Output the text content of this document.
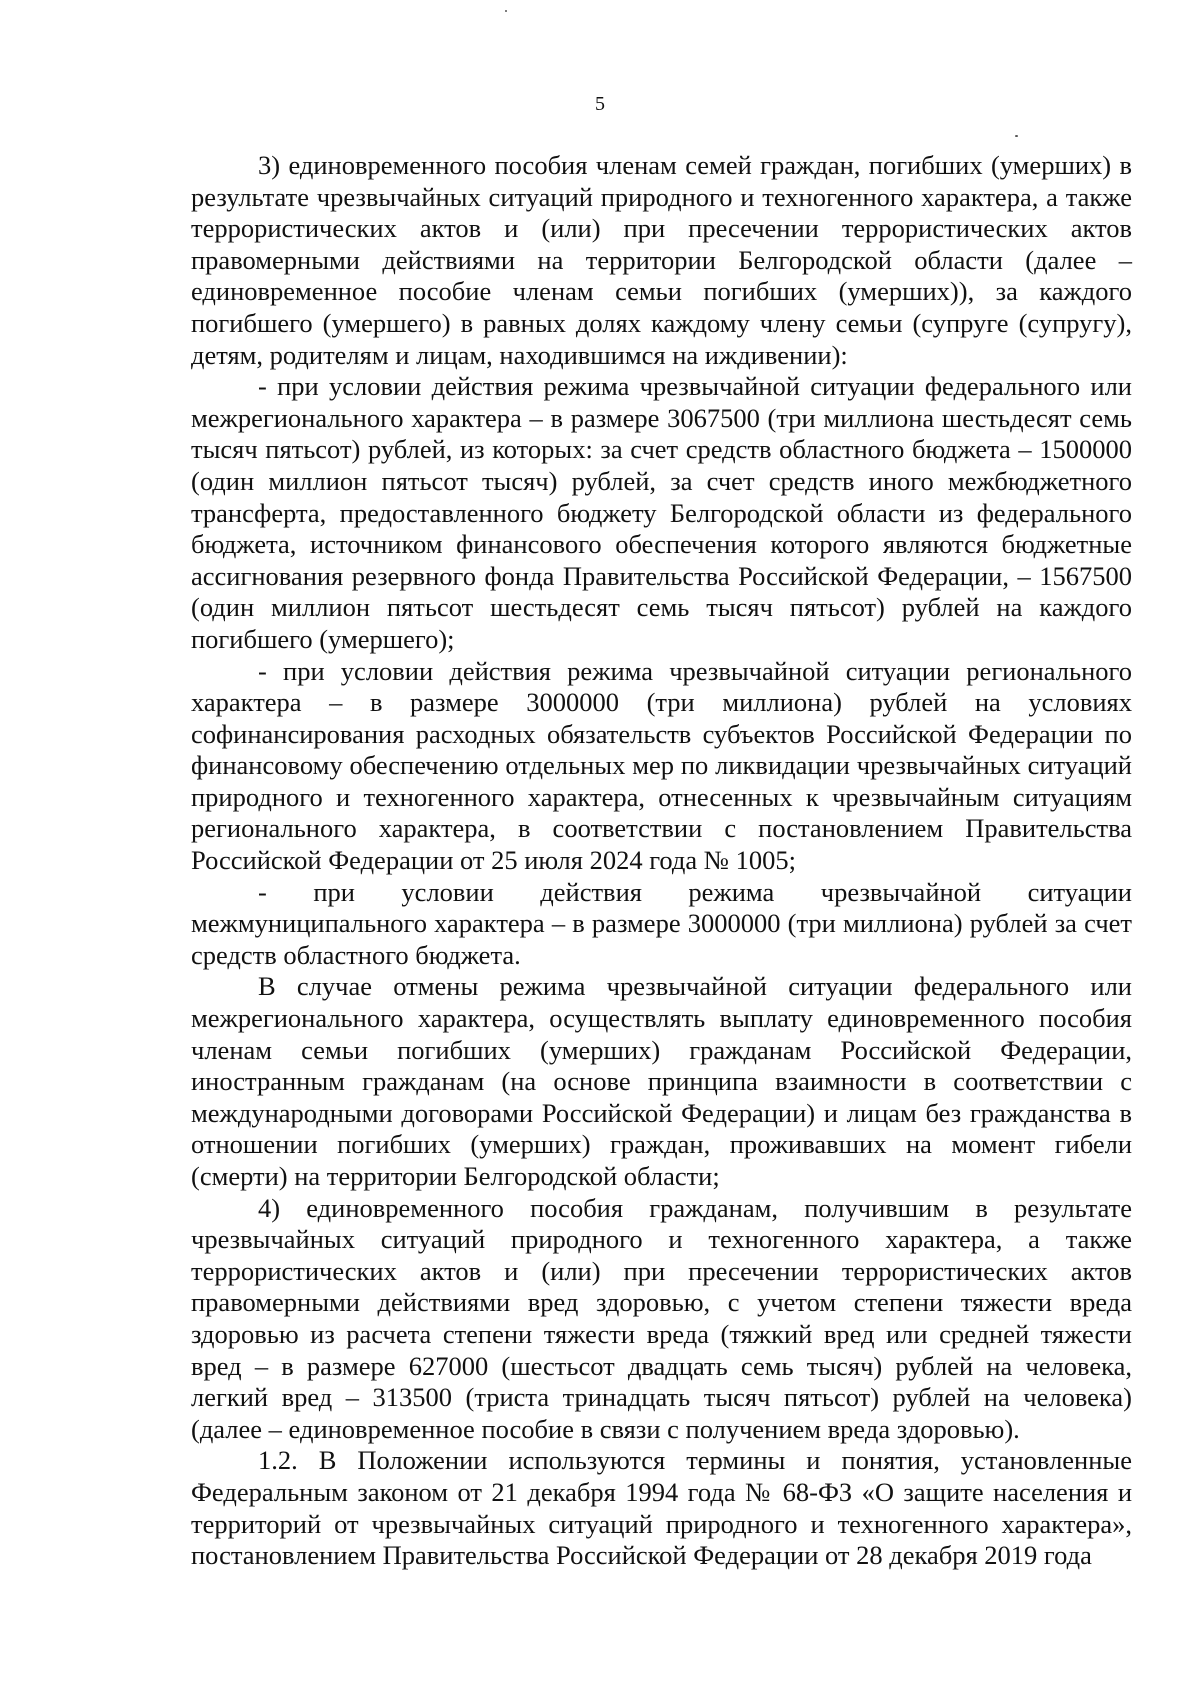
5

3) единовременного пособия членам семей граждан, погибших (умерших) в результате чрезвычайных ситуаций природного и техногенного характера, а также террористических актов и (или) при пресечении террористических актов правомерными действиями на территории Белгородской области (далее – единовременное пособие членам семьи погибших (умерших)), за каждого погибшего (умершего) в равных долях каждому члену семьи (супруге (супругу), детям, родителям и лицам, находившимся на иждивении):

- при условии действия режима чрезвычайной ситуации федерального или межрегионального характера – в размере 3067500 (три миллиона шестьдесят семь тысяч пятьсот) рублей, из которых: за счет средств областного бюджета – 1500000 (один миллион пятьсот тысяч) рублей, за счет средств иного межбюджетного трансферта, предоставленного бюджету Белгородской области из федерального бюджета, источником финансового обеспечения которого являются бюджетные ассигнования резервного фонда Правительства Российской Федерации, – 1567500 (один миллион пятьсот шестьдесят семь тысяч пятьсот) рублей на каждого погибшего (умершего);

- при условии действия режима чрезвычайной ситуации регионального характера – в размере 3000000 (три миллиона) рублей на условиях софинансирования расходных обязательств субъектов Российской Федерации по финансовому обеспечению отдельных мер по ликвидации чрезвычайных ситуаций природного и техногенного характера, отнесенных к чрезвычайным ситуациям регионального характера, в соответствии с постановлением Правительства Российской Федерации от 25 июля 2024 года № 1005;

- при условии действия режима чрезвычайной ситуации межмуниципального характера – в размере 3000000 (три миллиона) рублей за счет средств областного бюджета.

В случае отмены режима чрезвычайной ситуации федерального или межрегионального характера, осуществлять выплату единовременного пособия членам семьи погибших (умерших) гражданам Российской Федерации, иностранным гражданам (на основе принципа взаимности в соответствии с международными договорами Российской Федерации) и лицам без гражданства в отношении погибших (умерших) граждан, проживавших на момент гибели (смерти) на территории Белгородской области;

4) единовременного пособия гражданам, получившим в результате чрезвычайных ситуаций природного и техногенного характера, а также террористических актов и (или) при пресечении террористических актов правомерными действиями вред здоровью, с учетом степени тяжести вреда здоровью из расчета степени тяжести вреда (тяжкий вред или средней тяжести вред – в размере 627000 (шестьсот двадцать семь тысяч) рублей на человека, легкий вред – 313500 (триста тринадцать тысяч пятьсот) рублей на человека) (далее – единовременное пособие в связи с получением вреда здоровью).

1.2. В Положении используются термины и понятия, установленные Федеральным законом от 21 декабря 1994 года № 68-ФЗ «О защите населения и территорий от чрезвычайных ситуаций природного и техногенного характера», постановлением Правительства Российской Федерации от 28 декабря 2019 года
